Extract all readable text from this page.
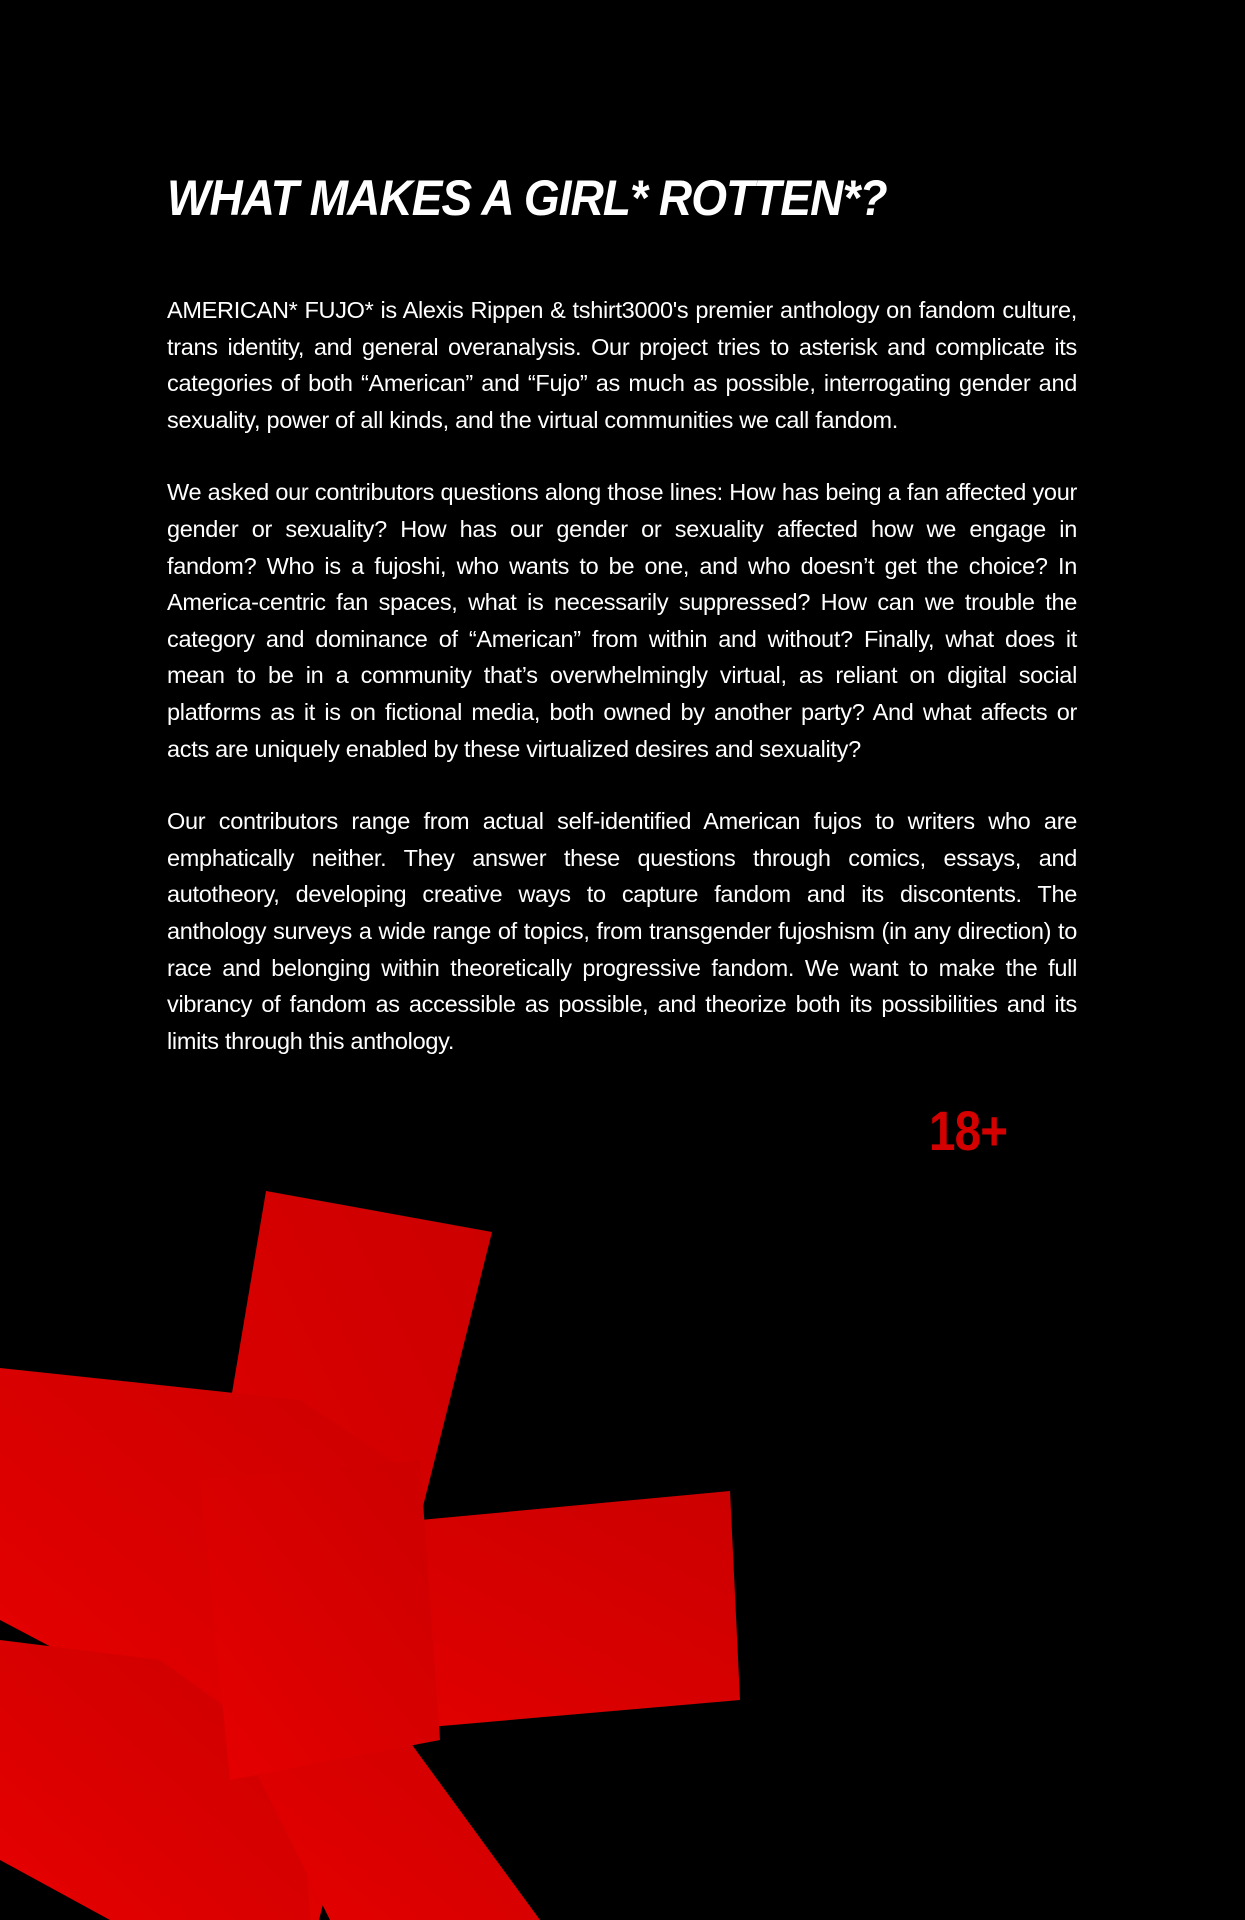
WHAT MAKES A GIRL* ROTTEN*?

AMERICAN* FUJO* is Alexis Rippen & tshirt3000's premier anthology on fandom culture, trans identity, and general overanalysis. Our project tries to asterisk and complicate its categories of both “American” and “Fujo” as much as possible, interrogating gender and sexuality, power of all kinds, and the virtual communities we call fandom.

We asked our contributors questions along those lines: How has being a fan affected your gender or sexuality? How has our gender or sexuality affected how we engage in fandom? Who is a fujoshi, who wants to be one, and who doesn’t get the choice? In America-centric fan spaces, what is necessarily suppressed? How can we trouble the category and dominance of “American” from within and without? Finally, what does it mean to be in a community that’s overwhelmingly virtual, as reliant on digital social platforms as it is on fictional media, both owned by another party? And what affects or acts are uniquely enabled by these virtualized desires and sexuality?

Our contributors range from actual self-identified American fujos to writers who are emphatically neither. They answer these questions through comics, essays, and autotheory, developing creative ways to capture fandom and its discontents. The anthology surveys a wide range of topics, from transgender fujoshism (in any direction) to race and belonging within theoretically progressive fandom. We want to make the full vibrancy of fandom as accessible as possible, and theorize both its possibilities and its limits through this anthology.

18+
